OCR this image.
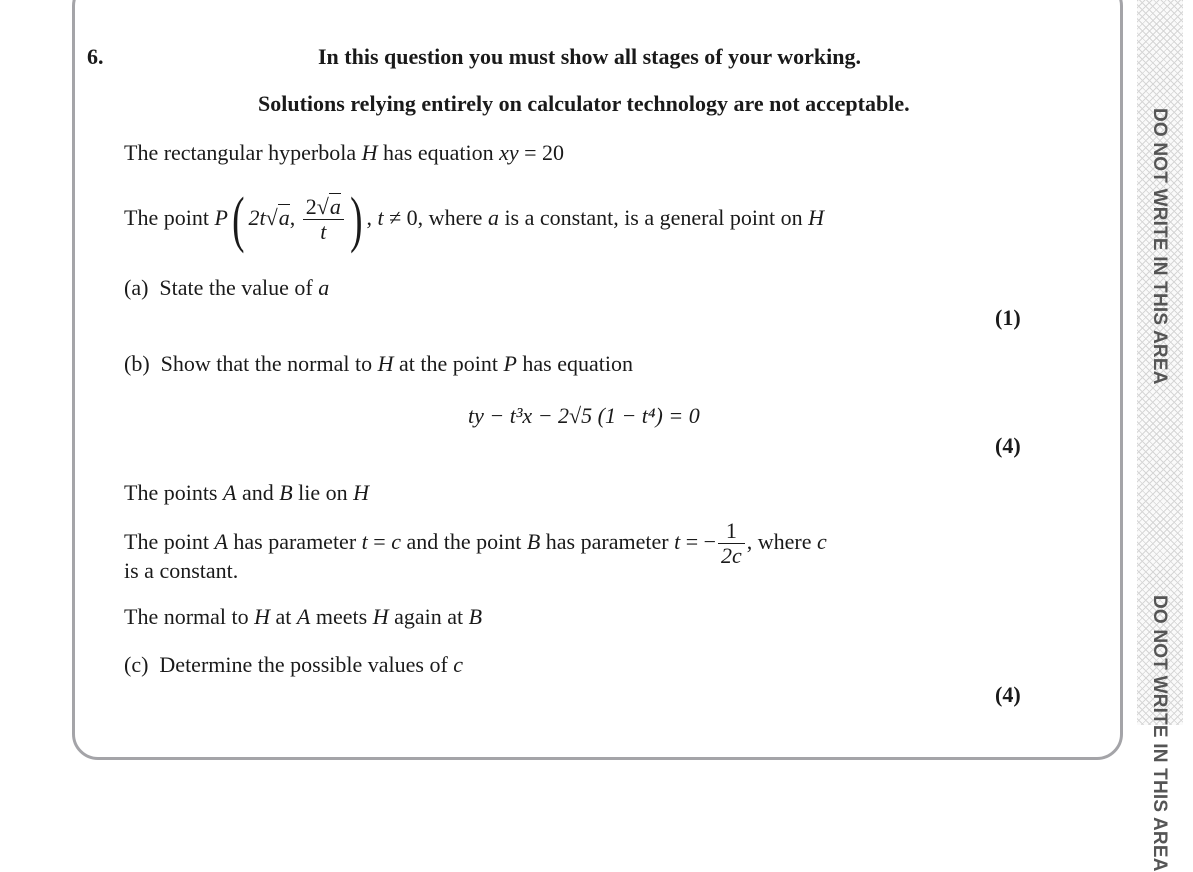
DO NOT WRITE IN THIS AREA
DO NOT WRITE IN THIS AREA
6.	In this question you must show all stages of your working.
Solutions relying entirely on calculator technology are not acceptable.
The rectangular hyperbola H has equation xy = 20
The point P( 2t√a, $\frac{2√a}{t}$ ) , t ≠ 0, where a is a constant, is a general point on H
(a) State the value of a
(1)
(b) Show that the normal to H at the point P has equation
ty − t³x − 2√5 (1 − t⁴) = 0
(4)
The points A and B lie on H
The point A has parameter t = c and the point B has parameter t = − $\frac{1}{2c}$ , where c
is a constant.
The normal to H at A meets H again at B
(c) Determine the possible values of c
(4)
